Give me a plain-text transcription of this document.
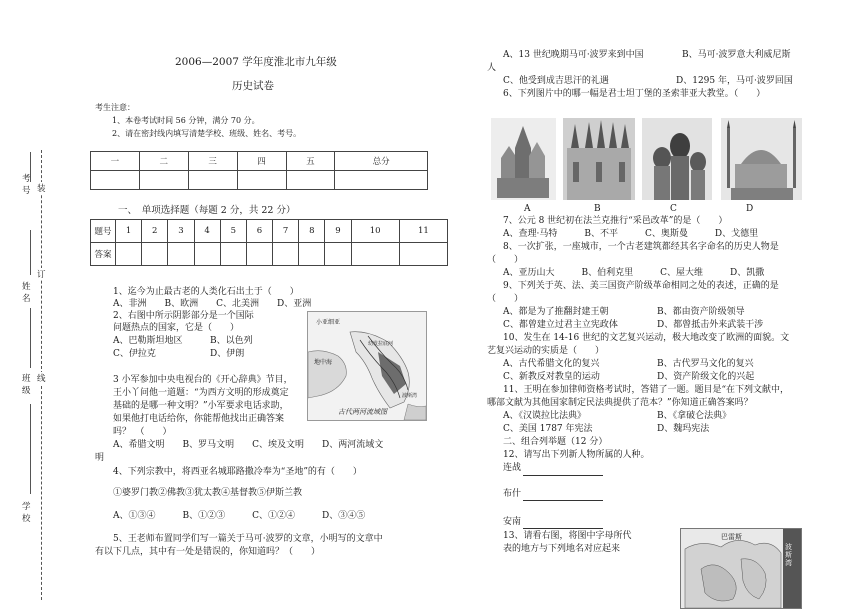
考号 装
姓名
订
班级
线
学校
2006—2007 学年度淮北市九年级
历史试卷
考生注意：
1、本卷考试时间 56 分钟，满分 70 分。
2、请在密封线内填写清楚学校、班级、姓名、考号。
一	二	三	四	五	总分

一、　单项选择题（每题 2 分，共 22 分）
题号	1	2	3	4	5	6	7	8	9	10	11
答案											
1、迄今为止最古老的人类化石出土于（　　）
A、非洲　　B、欧洲　　C、北美洲　　D、亚洲
2、右图中所示阴影部分是一个国际
问题热点的国家，它是（　　）
A、巴勒斯坦地区	B、以色列
C、伊拉克	D、伊朗
小亚细亚
地中海
幼发拉底河
波斯湾
古代两河流域图
3 小军参加中央电视台的《开心辞典》节目，
王小丫问他一道题：“为西方文明的形成奠定
基础的是哪一种文明？”小军要求电话求助，
如果他打电话给你，你能帮他找出正确答案
吗？　（　　）
A、希腊文明　　B、罗马文明　　C、埃及文明　　D、两河流域文
明
4、下列宗教中，将西亚名城耶路撒冷奉为“圣地”的有（　　）
①婆罗门教②佛教③犹太教④基督教⑤伊斯兰教
A、①③④　　　B、①②③　　　C、①②④　　　D、③④⑤
5、王老师布置同学们写一篇关于马可·波罗的文章，小明写的文章中
有以下几点，其中有一处是错误的，你知道吗？（　　）
A、13 世纪晚期马可·波罗来到中国	B、马可·波罗意大利威尼斯
人
C、他受到成吉思汗的礼遇	D、1295 年，马可·波罗回国
6、下列图片中的哪一幅是君士坦丁堡的圣索菲亚大教堂。（　　）
A	B	C	D
7、公元 8 世纪初在法兰克推行“采邑改革”的是（　　）
A、查理·马特　　　B、不平　　　C、奥斯曼　　　D、戈德里
8、一次扩张，一座城市，一个古老建筑都经其名字命名的历史人物是
（　　）
A、亚历山大　　　B、伯利克里　　　C、屋大维　　　D、凯撒
9、下列关于英、法、美三国资产阶级革命相同之处的表述，正确的是
（　　）
A、都是为了推翻封建王朝	B、都由资产阶级领导
C、都曾建立过君主立宪政体	D、都曾抵击外来武装干涉
10、发生在 14-16 世纪的文艺复兴运动，极大地改变了欧洲的面貌。文
艺复兴运动的实质是（　　）
A、古代希腊文化的复兴	B、古代罗马文化的复兴
C、新教反对教皇的运动	D、资产阶级文化的兴起
11、王明在参加律师资格考试时，答错了一题。题目是“在下列文献中，
哪部文献为其他国家制定民法典提供了范本？”你知道正确答案吗？
A、《汉谟拉比法典》	B、《拿破仑法典》
C、美国 1787 年宪法	D、魏玛宪法
二、组合列举题（12 分）
12、请写出下列新人物所属的人种。
连战
布什
安南
13、请看右图，将图中字母所代
表的地方与下列地名对应起来
巴雷斯
波斯湾
